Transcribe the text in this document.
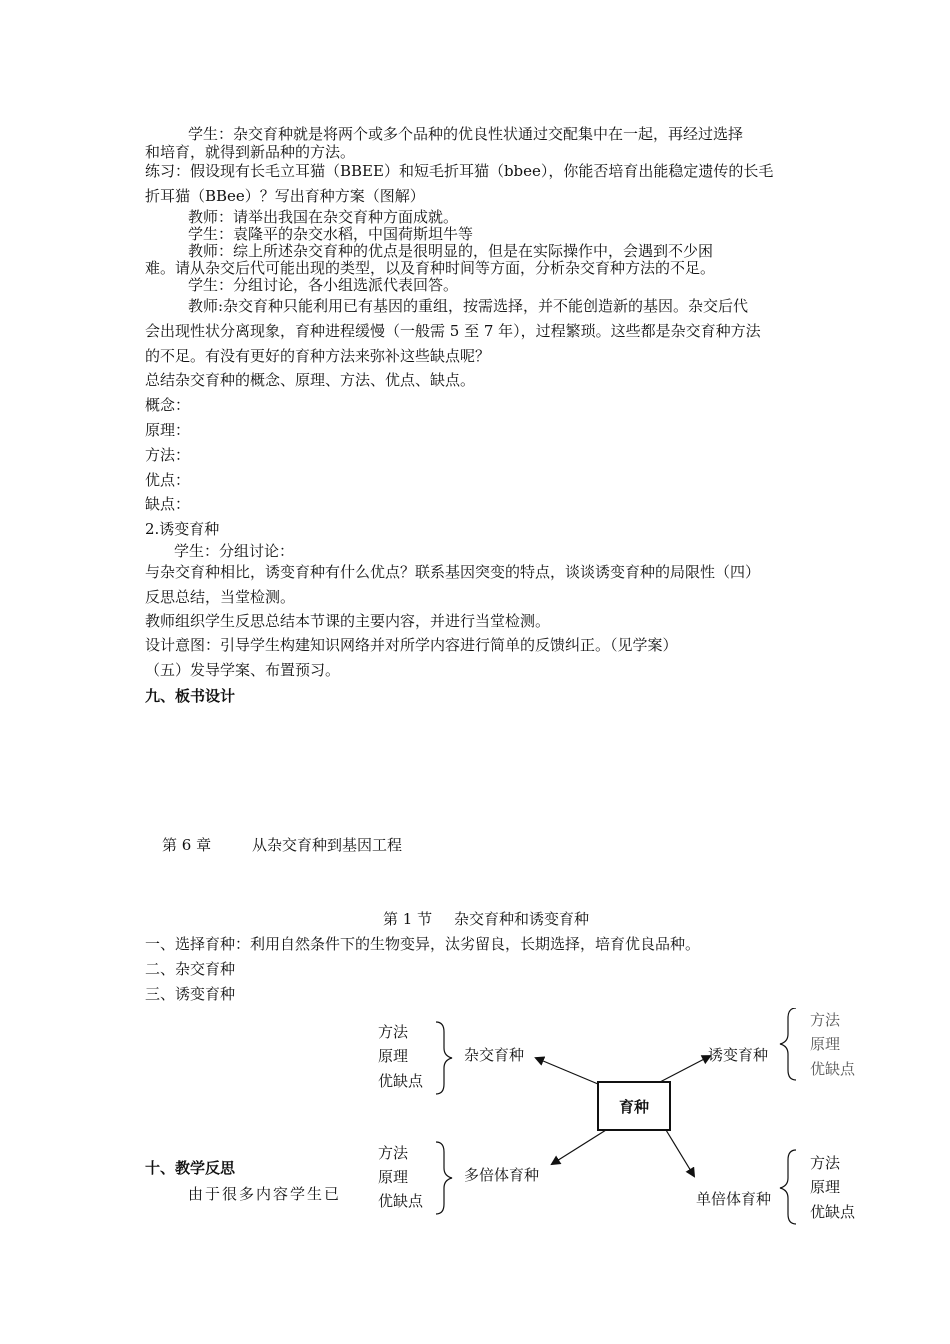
学生：杂交育种就是将两个或多个品种的优良性状通过交配集中在一起，再经过选择
和培育，就得到新品种的方法。
练习：假设现有长毛立耳猫（BBEE）和短毛折耳猫（bbee），你能否培育出能稳定遗传的长毛
折耳猫（BBee）？写出育种方案（图解）
教师：请举出我国在杂交育种方面成就。
学生：袁隆平的杂交水稻，中国荷斯坦牛等
教师：综上所述杂交育种的优点是很明显的，但是在实际操作中，会遇到不少困
难。请从杂交后代可能出现的类型，以及育种时间等方面，分析杂交育种方法的不足。
学生：分组讨论，各小组选派代表回答。
教师:杂交育种只能利用已有基因的重组，按需选择，并不能创造新的基因。杂交后代
会出现性状分离现象，育种进程缓慢（一般需 5 至 7 年），过程繁琐。这些都是杂交育种方法
的不足。有没有更好的育种方法来弥补这些缺点呢？
总结杂交育种的概念、原理、方法、优点、缺点。
概念：
原理：
方法：
优点：
缺点：
2.诱变育种
学生：分组讨论：
与杂交育种相比，诱变育种有什么优点？联系基因突变的特点，谈谈诱变育种的局限性（四）
反思总结，当堂检测。
教师组织学生反思总结本节课的主要内容，并进行当堂检测。
设计意图：引导学生构建知识网络并对所学内容进行简单的反馈纠正。（见学案）
（五）发导学案、布置预习。
九、板书设计
第 6 章	从杂交育种到基因工程
第 1 节 杂交育种和诱变育种
一、选择育种：利用自然条件下的生物变异，汰劣留良，长期选择，培育优良品种。
二、杂交育种
三、诱变育种
十、教学反思
由于很多内容学生已
育种
方法
原理
优缺点
杂交育种	诱变育种
方法
原理
优缺点
方法
原理
优缺点
多倍体育种
单倍体育种
方法
原理
优缺点
